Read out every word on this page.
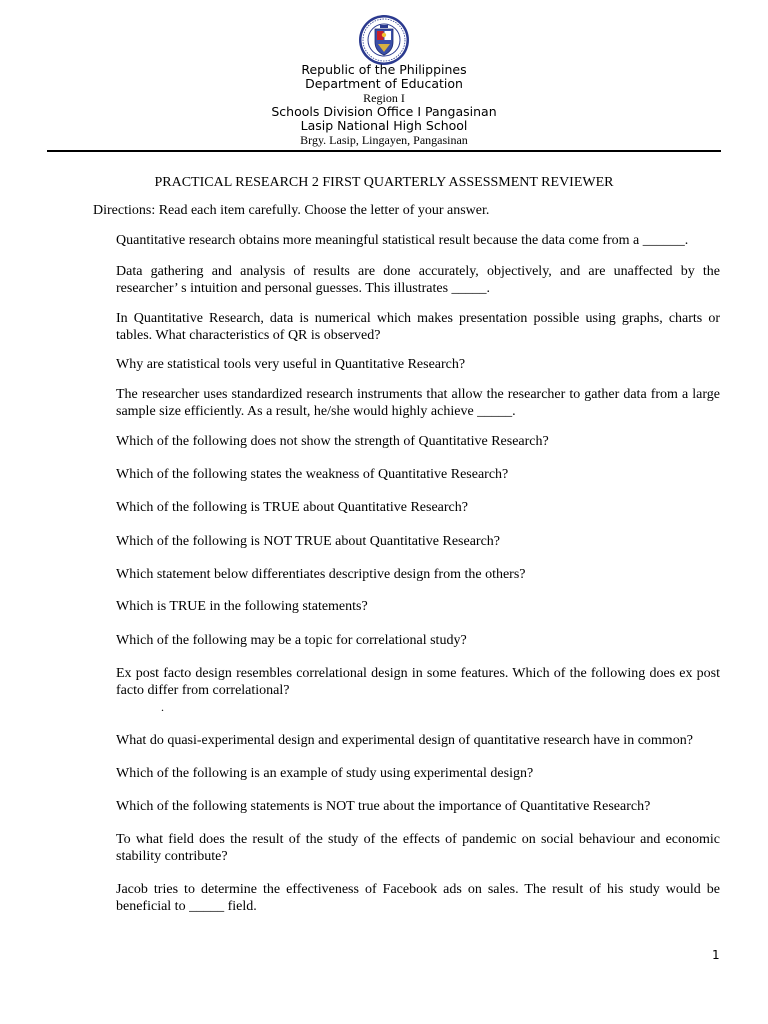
Republic of the Philippines
Department of Education
Region I
Schools Division Office I Pangasinan
Lasip National High School
Brgy. Lasip, Lingayen, Pangasinan
PRACTICAL RESEARCH 2 FIRST QUARTERLY ASSESSMENT REVIEWER
Directions: Read each item carefully. Choose the letter of your answer.
Quantitative research obtains more meaningful statistical result because the data come from a ______.
Data gathering and analysis of results are done accurately, objectively, and are unaffected by the researcher’ s intuition and personal guesses. This illustrates _____.
In Quantitative Research, data is numerical which makes presentation possible using graphs, charts or tables. What characteristics of QR is observed?
Why are statistical tools very useful in Quantitative Research?
The researcher uses standardized research instruments that allow the researcher to gather data from a large sample size efficiently. As a result, he/she would highly achieve _____.
Which of the following does not show the strength of Quantitative Research?
Which of the following states the weakness of Quantitative Research?
Which of the following is TRUE about Quantitative Research?
Which of the following is NOT TRUE about Quantitative Research?
Which statement below differentiates descriptive design from the others?
Which is TRUE in the following statements?
Which of the following may be a topic for correlational study?
Ex post facto design resembles correlational design in some features. Which of the following does ex post facto differ from correlational?
.
What do quasi-experimental design and experimental design of quantitative research have in common?
Which of the following is an example of study using experimental design?
Which of the following statements is NOT true about the importance of Quantitative Research?
To what field does the result of the study of the effects of pandemic on social behaviour and economic stability contribute?
Jacob tries to determine the effectiveness of Facebook ads on sales. The result of his study would be beneficial to _____ field.
1
